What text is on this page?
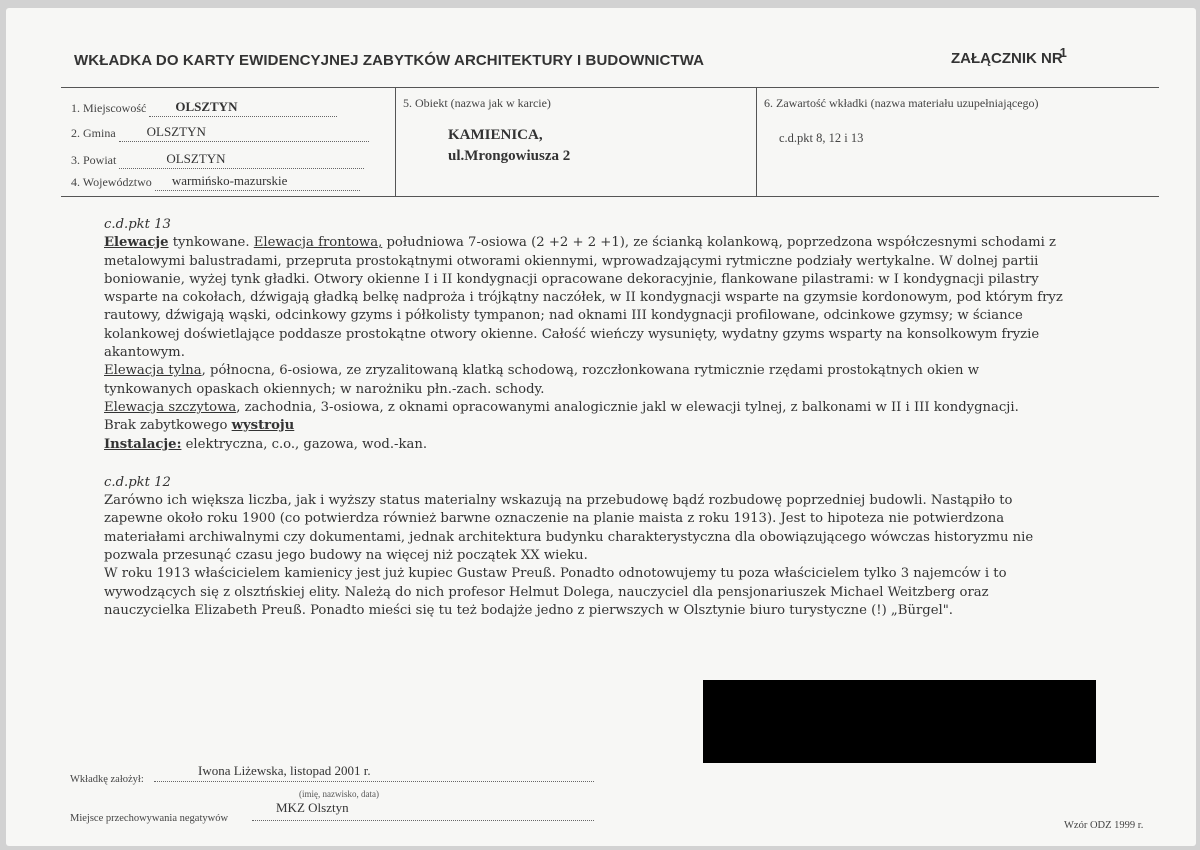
WKŁADKA DO KARTY EWIDENCYJNEJ ZABYTKÓW ARCHITEKTURY I BUDOWNICTWA	ZAŁĄCZNIK NR1
1. Miejscowość OLSZTYN

2. Gmina OLSZTYN

3. Powiat	OLSZTYN

4. Województwo warmińsko-mazurskie

5. Obiekt (nazwa jak w karcie)
KAMIENICA,
ul.Mrongowiusza 2
6. Zawartość wkładki (nazwa materiału uzupełniającego)
c.d.pkt 8, 12 i 13

c.d.pkt 13

Elewacje tynkowane. Elewacja frontowa, południowa 7-osiowa (2 +2 + 2 +1), ze ścianką kolankową, poprzedzona współczesnymi schodami z metalowymi balustradami, przepruta prostokątnymi otworami okiennymi, wprowadzającymi rytmiczne podziały wertykalne. W dolnej partii boniowanie, wyżej tynk gładki. Otwory okienne I i II kondygnacji opracowane dekoracyjnie, flankowane pilastrami: w I kondygnacji pilastry wsparte na cokołach, dźwigają gładką belkę nadproża i trójkątny naczółek, w II kondygnacji wsparte na gzymsie kordonowym, pod którym fryz rautowy, dźwigają wąski, odcinkowy gzyms i półkolisty tympanon; nad oknami III kondygnacji profilowane, odcinkowe gzymsy; w ściance kolankowej doświetlające poddasze prostokątne otwory okienne. Całość wieńczy wysunięty, wydatny gzyms wsparty na konsolkowym fryzie akantowym.

Elewacja tylna, północna, 6-osiowa, ze zryzalitowaną klatką schodową, rozczłonkowana rytmicznie rzędami prostokątnych okien w tynkowanych opaskach okiennych; w narożniku płn.-zach. schody.

Elewacja szczytowa, zachodnia, 3-osiowa, z oknami opracowanymi analogicznie jakl w elewacji tylnej, z balkonami w II i III kondygnacji.

Brak zabytkowego wystroju

Instalacje: elektryczna, c.o., gazowa, wod.-kan.

c.d.pkt 12

Zarówno ich większa liczba, jak i wyższy status materialny wskazują na przebudowę bądź rozbudowę poprzedniej budowli. Nastąpiło to zapewne około roku 1900 (co potwierdza również barwne oznaczenie na planie maista z roku 1913). Jest to hipoteza nie potwierdzona materiałami archiwalnymi czy dokumentami, jednak architektura budynku charakterystyczna dla obowiązującego wówczas historyzmu nie pozwala przesunąć czasu jego budowy na więcej niż początek XX wieku.

W roku 1913 właścicielem kamienicy jest już kupiec Gustaw Preuß. Ponadto odnotowujemy tu poza właścicielem tylko 3 najemców i to wywodzących się z olsztńskiej elity. Należą do nich profesor Helmut Dolega, nauczyciel dla pensjonariuszek Michael Weitzberg oraz nauczycielka Elizabeth Preuß. Ponadto mieści się tu też bodajże jedno z pierwszych w Olsztynie biuro turystyczne (!) „Bürgel".

Wkładkę założył:
Iwona Liżewska, listopad 2001 r.
(imię, nazwisko, data)
Miejsce przechowywania negatywów
MKZ Olsztyn
Wzór ODZ 1999 r.
